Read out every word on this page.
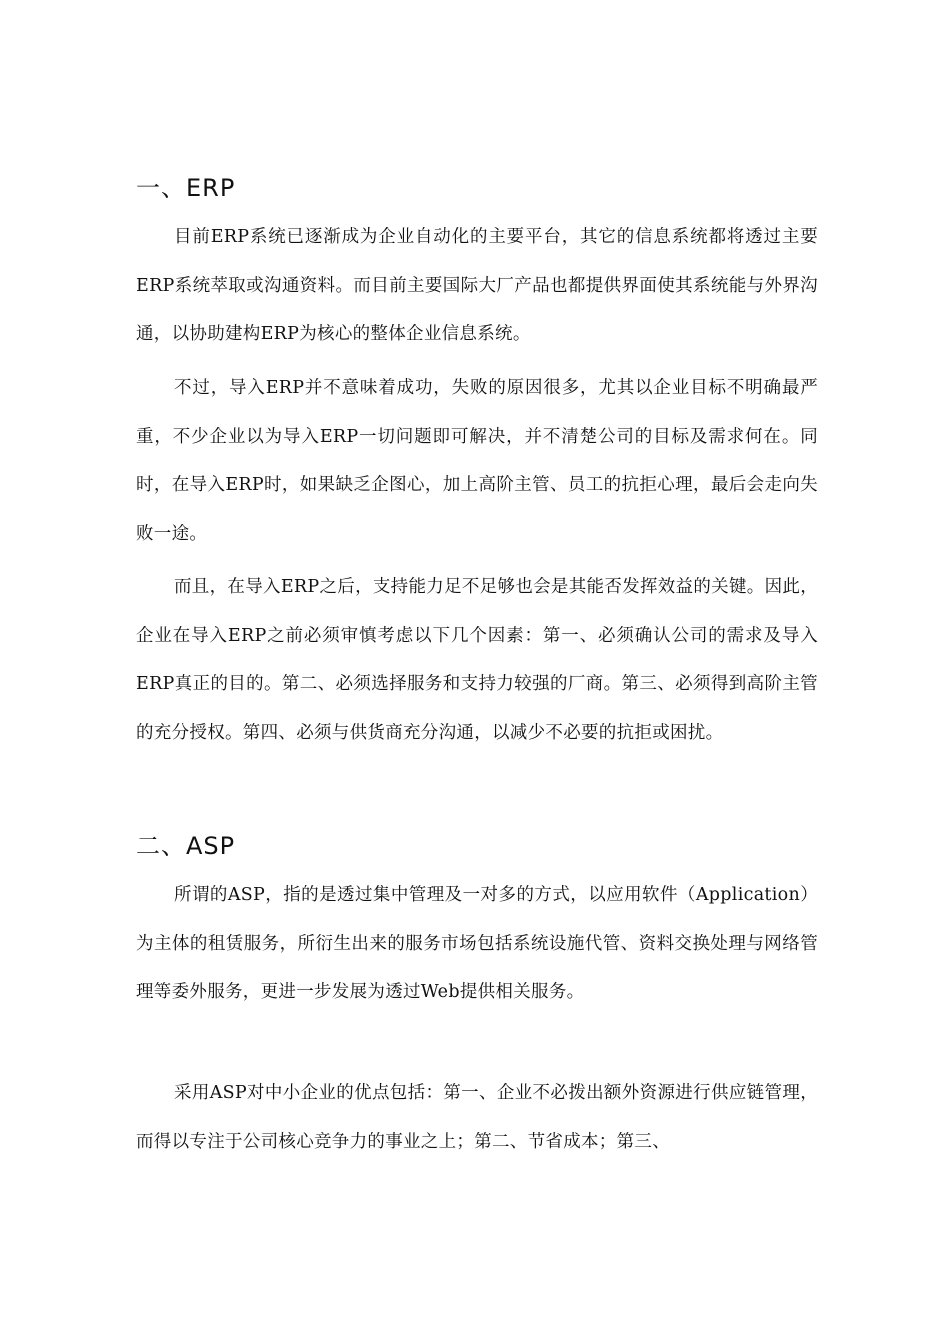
一、ERP

目前ERP系统已逐渐成为企业自动化的主要平台，其它的信息系统都将透过主要ERP系统萃取或沟通资料。而目前主要国际大厂产品也都提供界面使其系统能与外界沟通，以协助建构ERP为核心的整体企业信息系统。

不过，导入ERP并不意味着成功，失败的原因很多，尤其以企业目标不明确最严重，不少企业以为导入ERP一切问题即可解决，并不清楚公司的目标及需求何在。同时，在导入ERP时，如果缺乏企图心，加上高阶主管、员工的抗拒心理，最后会走向失败一途。

而且，在导入ERP之后，支持能力足不足够也会是其能否发挥效益的关键。因此，企业在导入ERP之前必须审慎考虑以下几个因素：第一、必须确认公司的需求及导入ERP真正的目的。第二、必须选择服务和支持力较强的厂商。第三、必须得到高阶主管的充分授权。第四、必须与供货商充分沟通，以减少不必要的抗拒或困扰。

二、ASP

所谓的ASP，指的是透过集中管理及一对多的方式，以应用软件（Application）为主体的租赁服务，所衍生出来的服务市场包括系统设施代管、资料交换处理与网络管理等委外服务，更进一步发展为透过Web提供相关服务。

采用ASP对中小企业的优点包括：第一、企业不必拨出额外资源进行供应链管理，而得以专注于公司核心竞争力的事业之上；第二、节省成本；第三、
